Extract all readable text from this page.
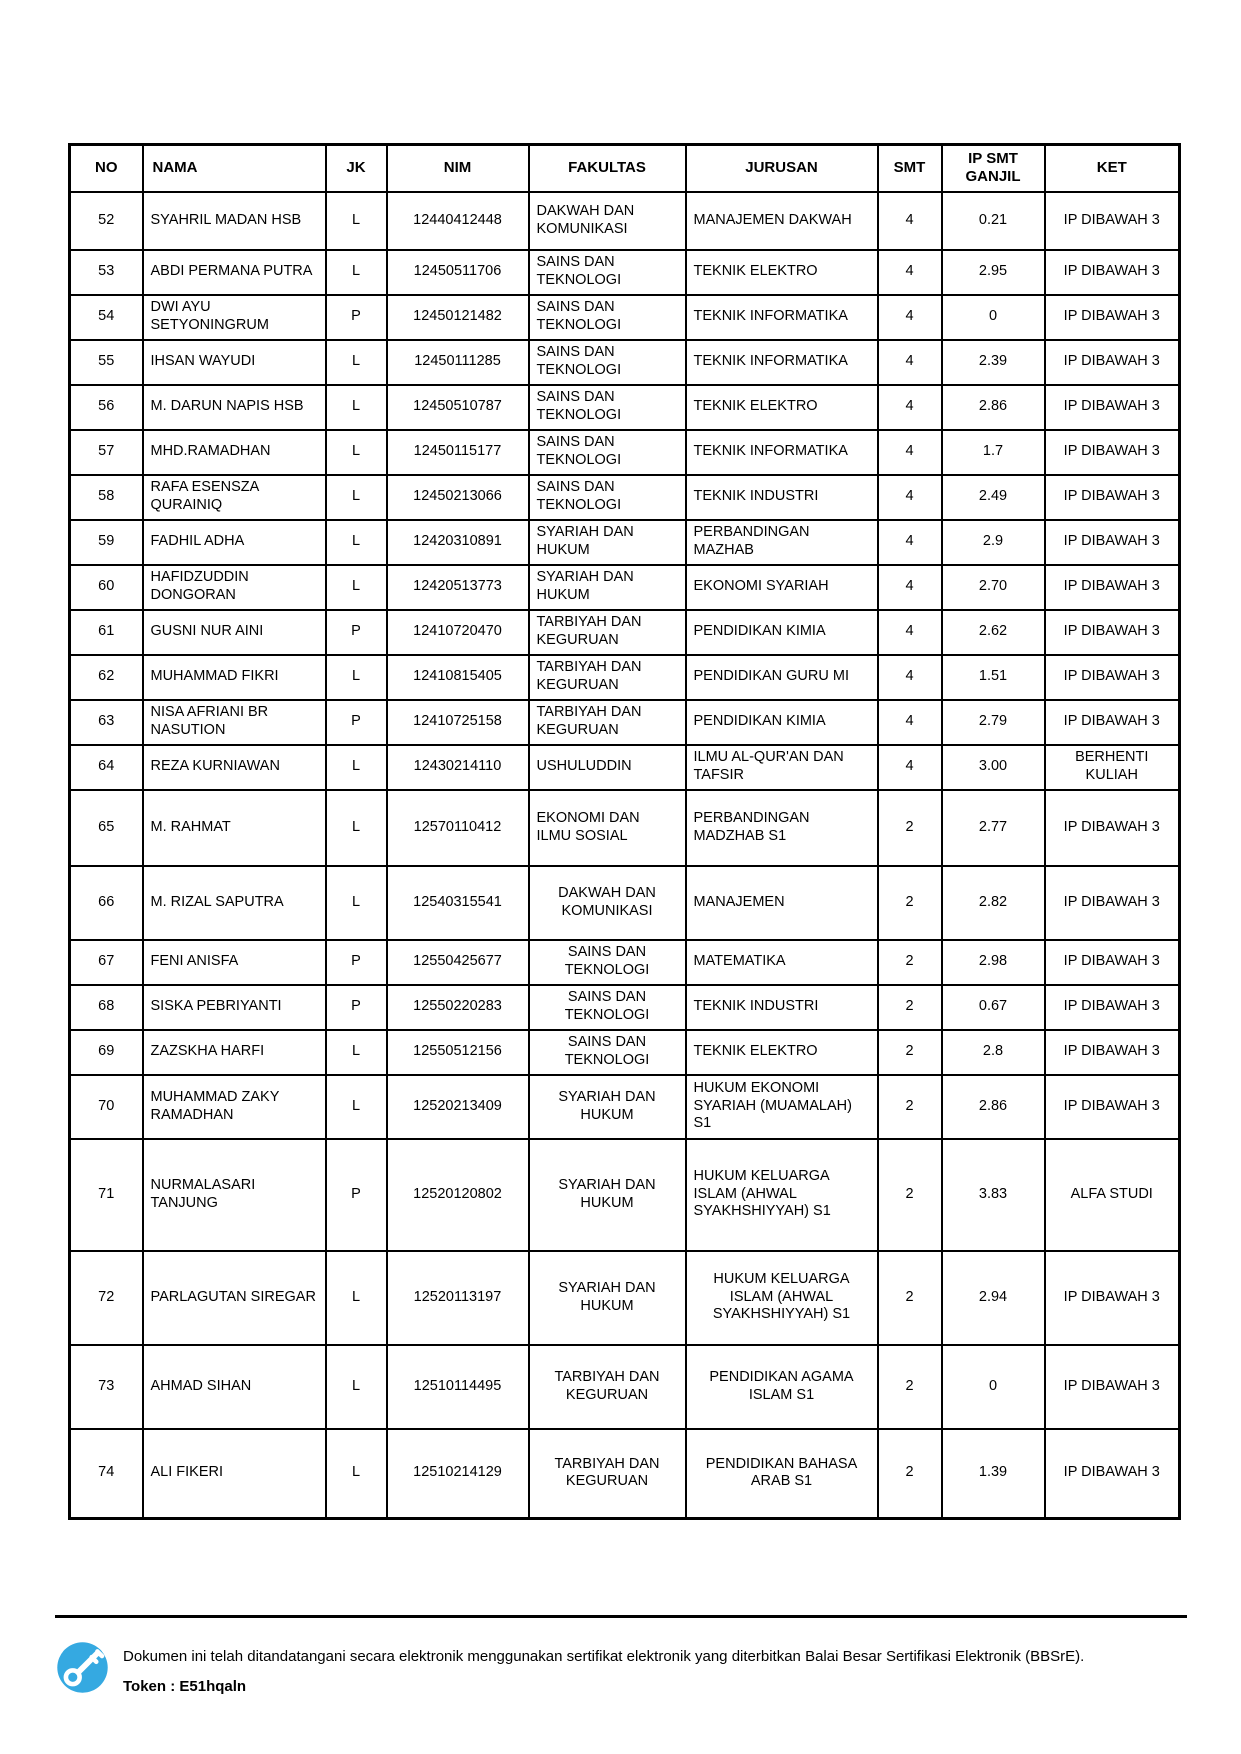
NO	NAMA	JK	NIM	FAKULTAS	JURUSAN	SMT	IP SMT GANJIL	KET
52	SYAHRIL MADAN HSB	L	12440412448	DAKWAH DAN KOMUNIKASI	MANAJEMEN DAKWAH	4	0.21	IP DIBAWAH 3
53	ABDI PERMANA PUTRA	L	12450511706	SAINS DAN TEKNOLOGI	TEKNIK ELEKTRO	4	2.95	IP DIBAWAH 3
54	DWI AYU SETYONINGRUM	P	12450121482	SAINS DAN TEKNOLOGI	TEKNIK INFORMATIKA	4	0	IP DIBAWAH 3
55	IHSAN WAYUDI	L	12450111285	SAINS DAN TEKNOLOGI	TEKNIK INFORMATIKA	4	2.39	IP DIBAWAH 3
56	M. DARUN NAPIS HSB	L	12450510787	SAINS DAN TEKNOLOGI	TEKNIK ELEKTRO	4	2.86	IP DIBAWAH 3
57	MHD.RAMADHAN	L	12450115177	SAINS DAN TEKNOLOGI	TEKNIK INFORMATIKA	4	1.7	IP DIBAWAH 3
58	RAFA ESENSZA QURAINIQ	L	12450213066	SAINS DAN TEKNOLOGI	TEKNIK INDUSTRI	4	2.49	IP DIBAWAH 3
59	FADHIL ADHA	L	12420310891	SYARIAH DAN HUKUM	PERBANDINGAN MAZHAB	4	2.9	IP DIBAWAH 3
60	HAFIDZUDDIN DONGORAN	L	12420513773	SYARIAH DAN HUKUM	EKONOMI SYARIAH	4	2.70	IP DIBAWAH 3
61	GUSNI NUR AINI	P	12410720470	TARBIYAH DAN KEGURUAN	PENDIDIKAN KIMIA	4	2.62	IP DIBAWAH 3
62	MUHAMMAD FIKRI	L	12410815405	TARBIYAH DAN KEGURUAN	PENDIDIKAN GURU MI	4	1.51	IP DIBAWAH 3
63	NISA AFRIANI BR NASUTION	P	12410725158	TARBIYAH DAN KEGURUAN	PENDIDIKAN KIMIA	4	2.79	IP DIBAWAH 3
64	REZA KURNIAWAN	L	12430214110	USHULUDDIN	ILMU AL-QUR'AN DAN TAFSIR	4	3.00	BERHENTI KULIAH
65	M. RAHMAT	L	12570110412	EKONOMI DAN ILMU SOSIAL	PERBANDINGAN MADZHAB S1	2	2.77	IP DIBAWAH 3
66	M. RIZAL SAPUTRA	L	12540315541	DAKWAH DAN KOMUNIKASI	MANAJEMEN	2	2.82	IP DIBAWAH 3
67	FENI ANISFA	P	12550425677	SAINS DAN TEKNOLOGI	MATEMATIKA	2	2.98	IP DIBAWAH 3
68	SISKA PEBRIYANTI	P	12550220283	SAINS DAN TEKNOLOGI	TEKNIK INDUSTRI	2	0.67	IP DIBAWAH 3
69	ZAZSKHA HARFI	L	12550512156	SAINS DAN TEKNOLOGI	TEKNIK ELEKTRO	2	2.8	IP DIBAWAH 3
70	MUHAMMAD ZAKY RAMADHAN	L	12520213409	SYARIAH DAN HUKUM	HUKUM EKONOMI SYARIAH (MUAMALAH) S1	2	2.86	IP DIBAWAH 3
71	NURMALASARI TANJUNG	P	12520120802	SYARIAH DAN HUKUM	HUKUM KELUARGA ISLAM (AHWAL SYAKHSHIYYAH) S1	2	3.83	ALFA STUDI
72	PARLAGUTAN SIREGAR	L	12520113197	SYARIAH DAN HUKUM	HUKUM KELUARGA ISLAM (AHWAL SYAKHSHIYYAH) S1	2	2.94	IP DIBAWAH 3
73	AHMAD SIHAN	L	12510114495	TARBIYAH DAN KEGURUAN	PENDIDIKAN AGAMA ISLAM S1	2	0	IP DIBAWAH 3
74	ALI FIKERI	L	12510214129	TARBIYAH DAN KEGURUAN	PENDIDIKAN BAHASA ARAB S1	2	1.39	IP DIBAWAH 3

Dokumen ini telah ditandatangani secara elektronik menggunakan sertifikat elektronik yang diterbitkan Balai Besar Sertifikasi Elektronik (BBSrE).

Token : E51hqaln
